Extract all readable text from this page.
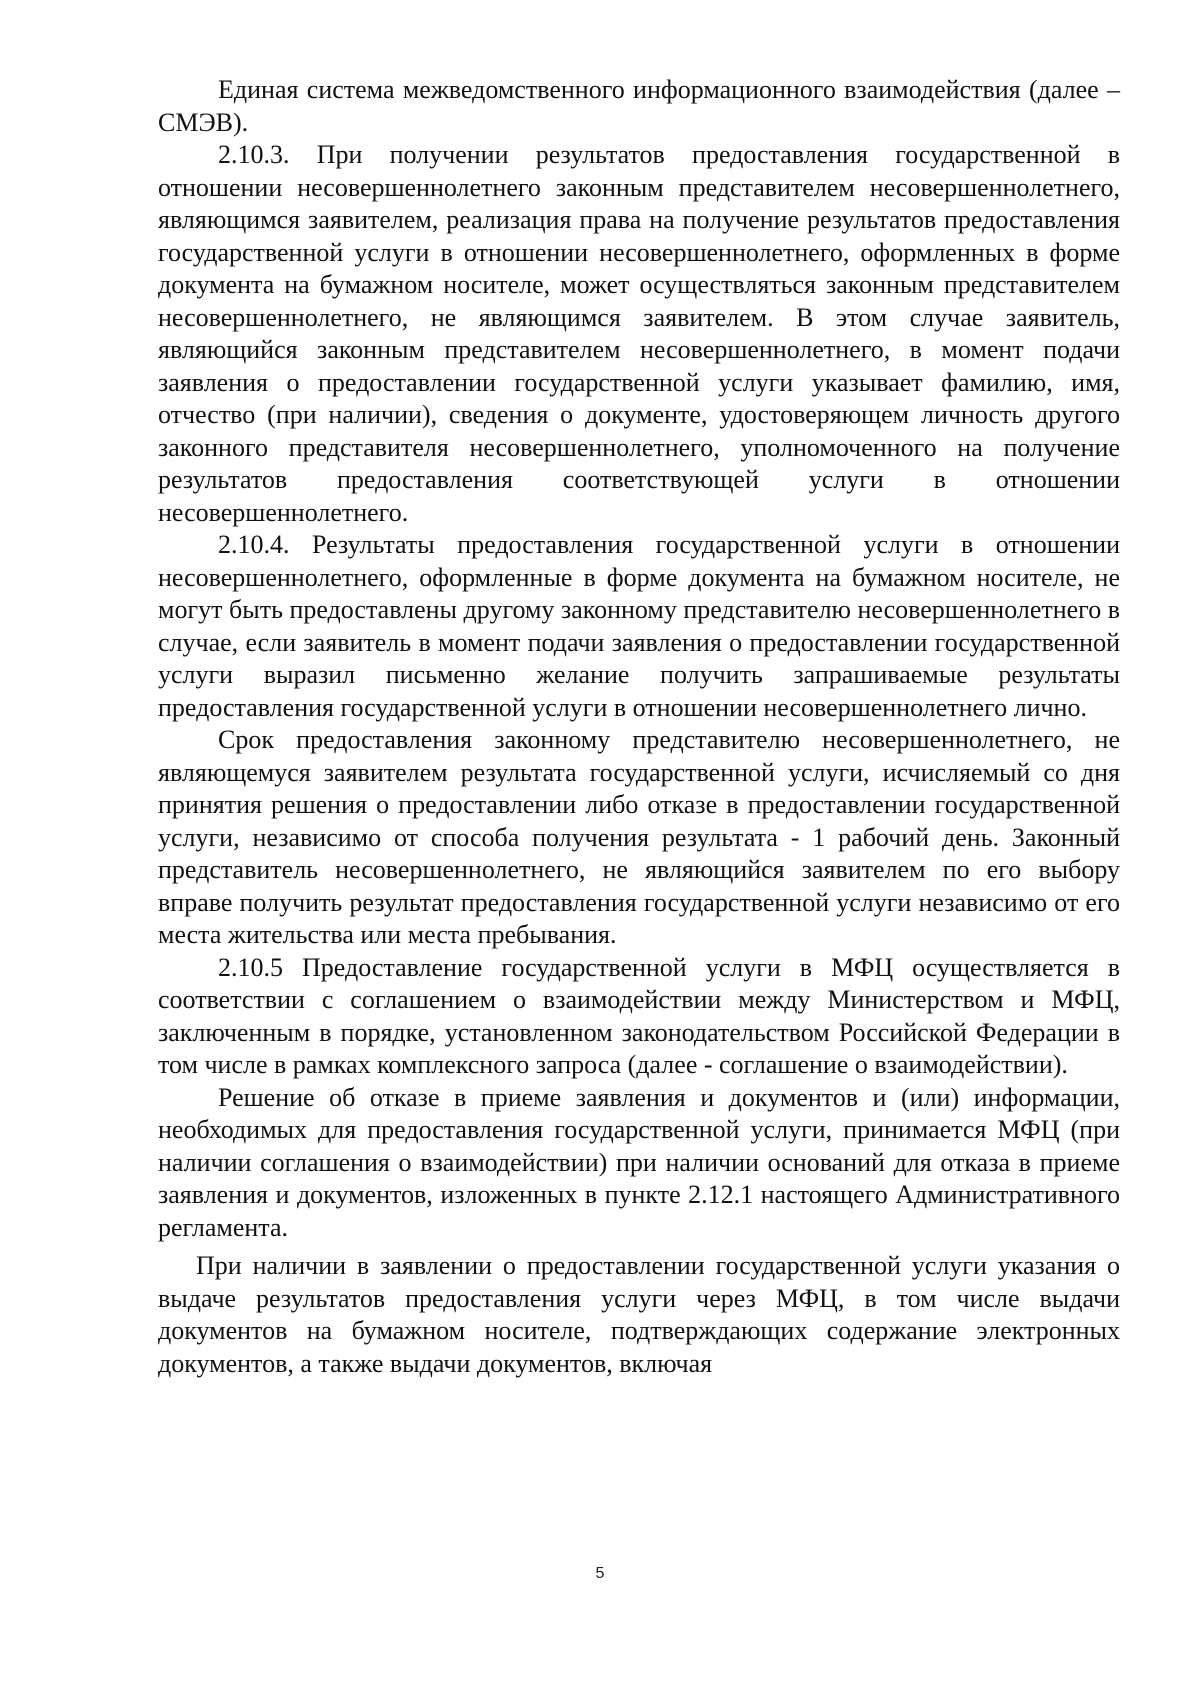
Единая система межведомственного информационного взаимодействия (далее – СМЭВ).

2.10.3. При получении результатов предоставления государственной в отношении несовершеннолетнего законным представителем несовершеннолетнего, являющимся заявителем, реализация права на получение результатов предоставления государственной услуги в отношении несовершеннолетнего, оформленных в форме документа на бумажном носителе, может осуществляться законным представителем несовершеннолетнего, не являющимся заявителем. В этом случае заявитель, являющийся законным представителем несовершеннолетнего, в момент подачи заявления о предоставлении государственной услуги указывает фамилию, имя, отчество (при наличии), сведения о документе, удостоверяющем личность другого законного представителя несовершеннолетнего, уполномоченного на получение результатов предоставления соответствующей услуги в отношении несовершеннолетнего.

2.10.4. Результаты предоставления государственной услуги в отношении несовершеннолетнего, оформленные в форме документа на бумажном носителе, не могут быть предоставлены другому законному представителю несовершеннолетнего в случае, если заявитель в момент подачи заявления о предоставлении государственной услуги выразил письменно желание получить запрашиваемые результаты предоставления государственной услуги в отношении несовершеннолетнего лично.

Срок предоставления законному представителю несовершеннолетнего, не являющемуся заявителем результата государственной услуги, исчисляемый со дня принятия решения о предоставлении либо отказе в предоставлении государственной услуги, независимо от способа получения результата - 1 рабочий день. Законный представитель несовершеннолетнего, не являющийся заявителем по его выбору вправе получить результат предоставления государственной услуги независимо от его места жительства или места пребывания.

2.10.5 Предоставление государственной услуги в МФЦ осуществляется в соответствии с соглашением о взаимодействии между Министерством и МФЦ, заключенным в порядке, установленном законодательством Российской Федерации в том числе в рамках комплексного запроса (далее - соглашение о взаимодействии).

Решение об отказе в приеме заявления и документов и (или) информации, необходимых для предоставления государственной услуги, принимается МФЦ (при наличии соглашения о взаимодействии) при наличии оснований для отказа в приеме заявления и документов, изложенных в пункте 2.12.1 настоящего Административного регламента.

При наличии в заявлении о предоставлении государственной услуги указания о выдаче результатов предоставления услуги через МФЦ, в том числе выдачи документов на бумажном носителе, подтверждающих содержание электронных документов, а также выдачи документов, включая

5
